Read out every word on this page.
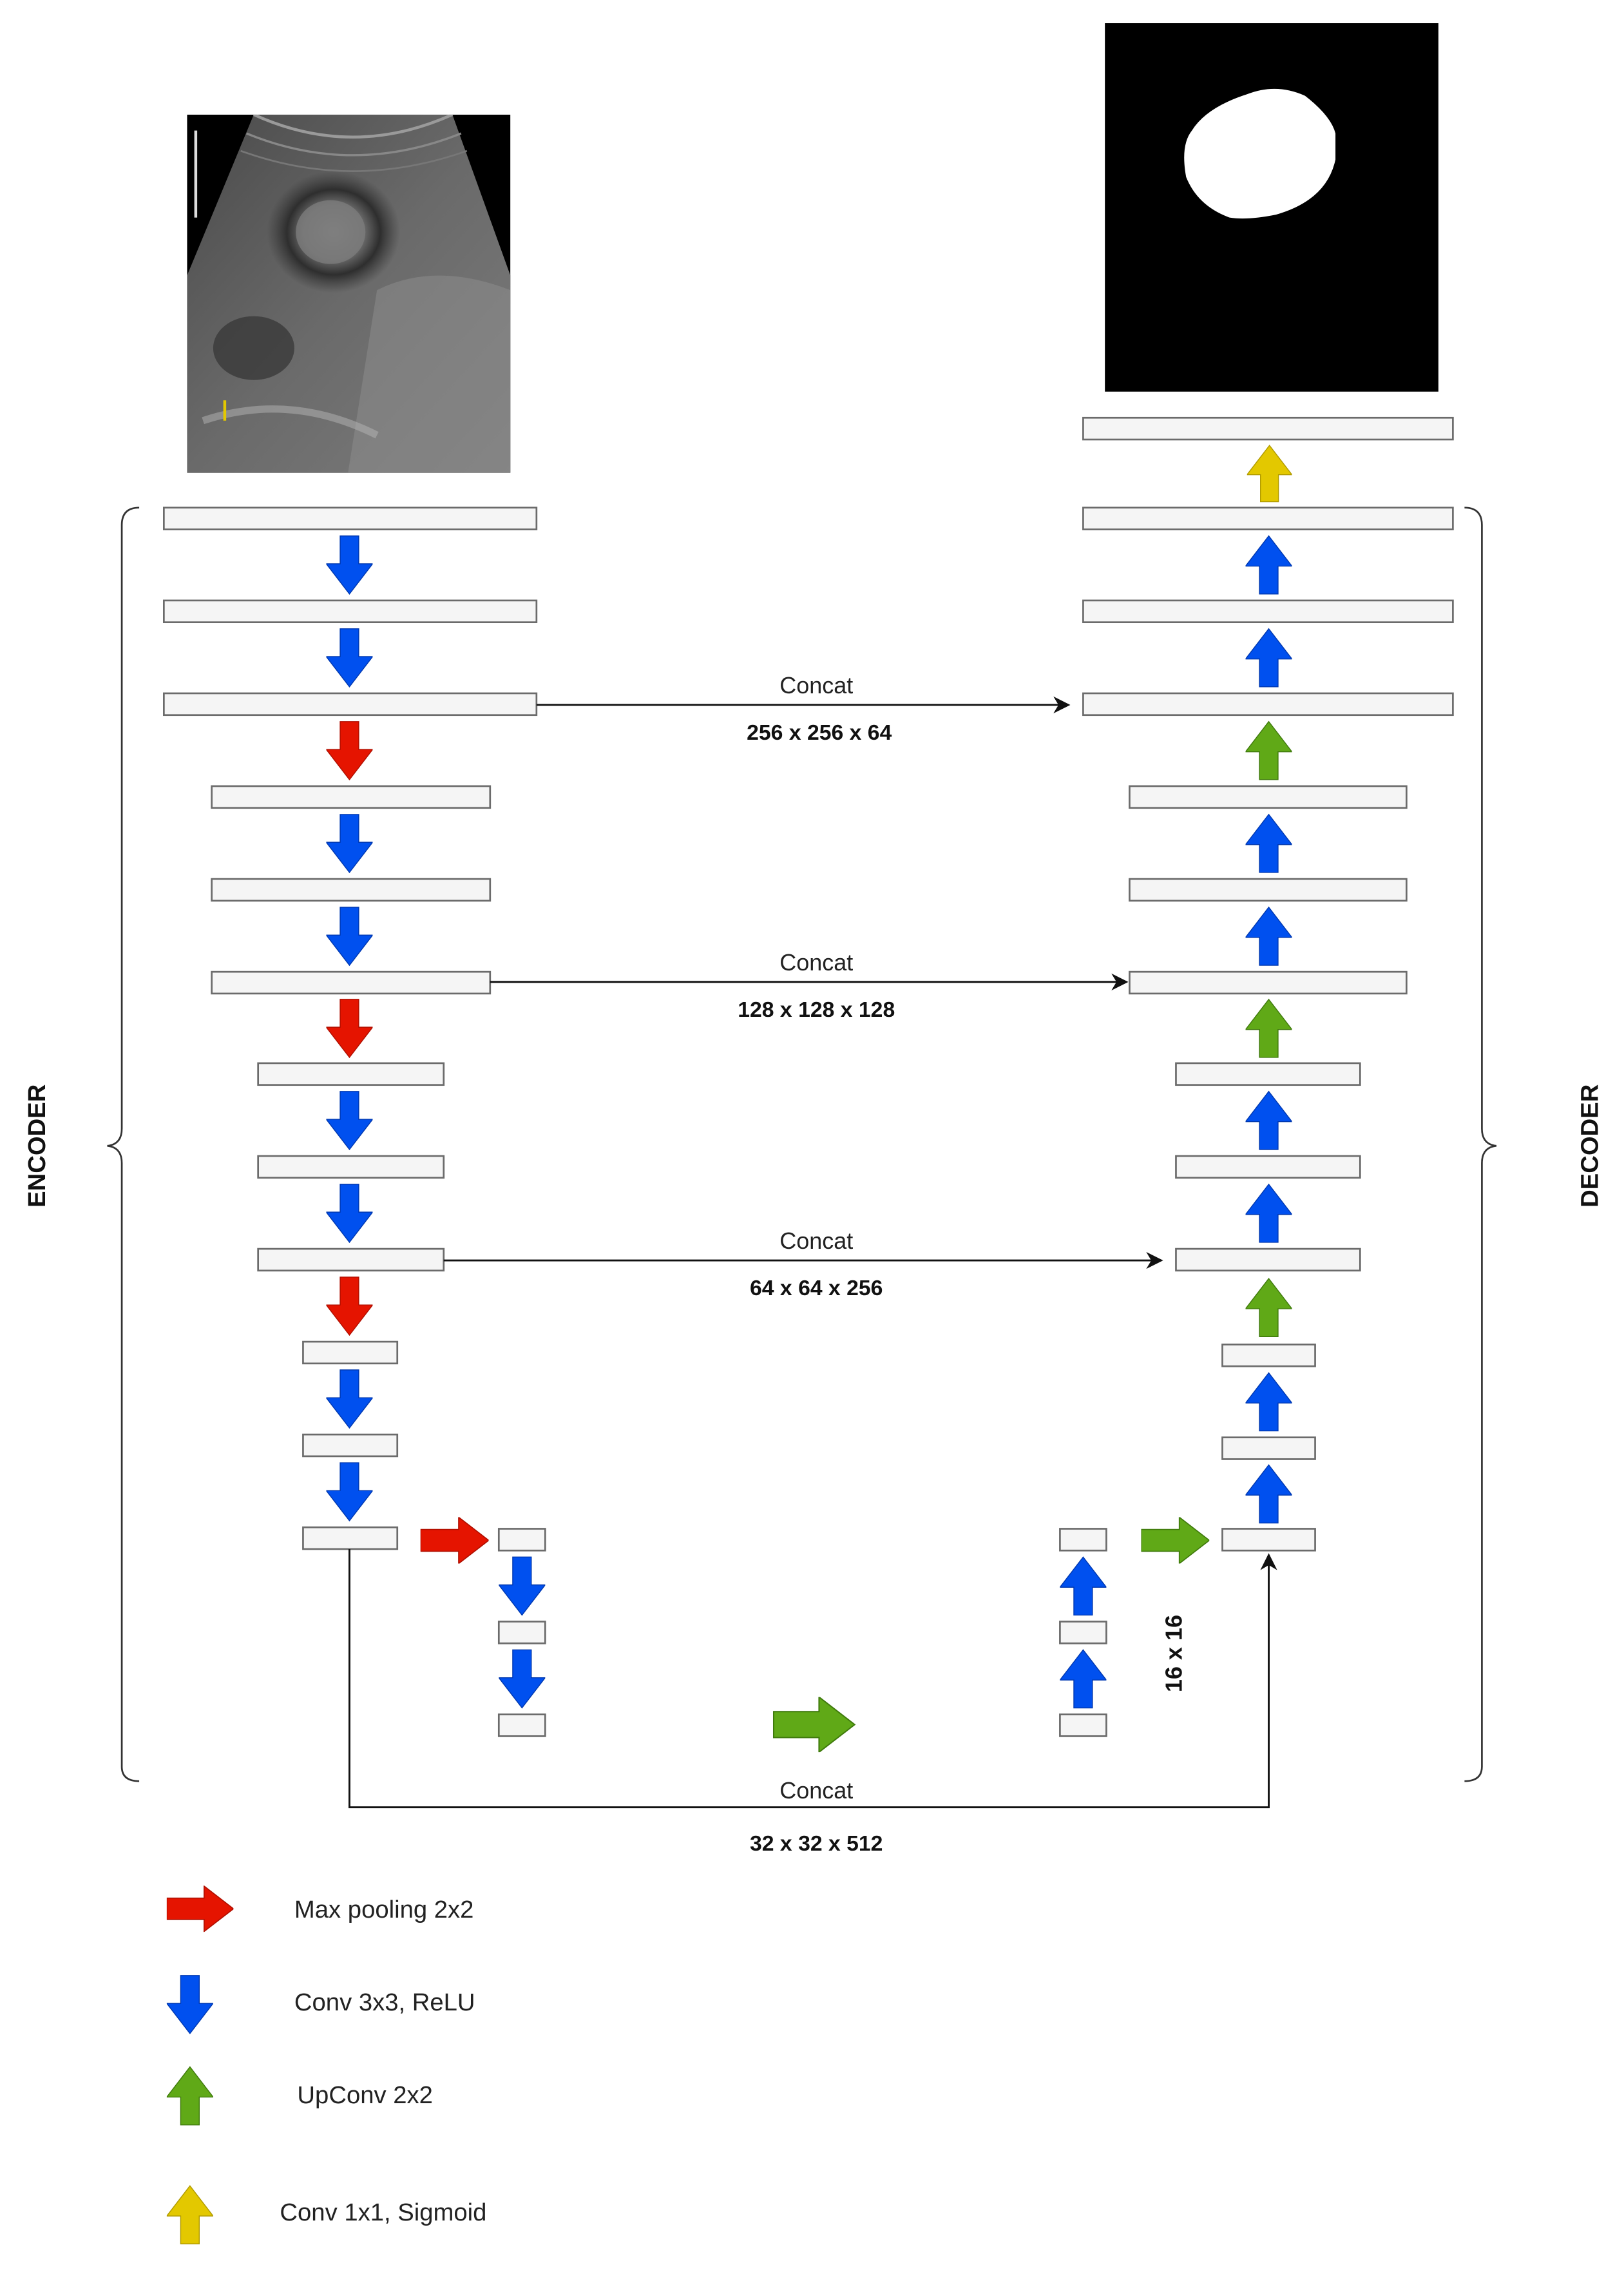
16 x 16
Concat
256 x 256 x 64
Concat
128 x 128 x 128
Concat
64 x 64 x 256
Concat
32 x 32 x 512
ENCODER	DECODER
Max pooling 2x2
Conv 3x3, ReLU
UpConv 2x2
Conv 1x1, Sigmoid
